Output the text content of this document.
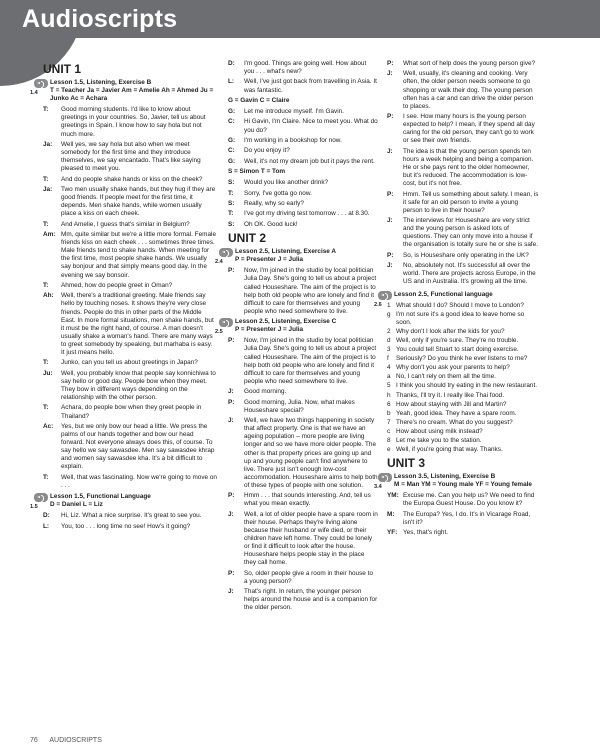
Audioscripts
UNIT 1
1.4
Lesson 1.5, Listening, Exercise B
T = Teacher Ja = Javier Am = Amelie Ah = Ahmed Ju = Junko Ac = Achara
T:	Good morning students. I'd like to know about greetings in your countries. So, Javier, tell us about greetings in Spain. I know how to say hola but not much more.
Ja:	Well yes, we say hola but also when we meet somebody for the first time and they introduce themselves, we say encantado. That's like saying pleased to meet you.
T:	And do people shake hands or kiss on the cheek?
Ja:	Two men usually shake hands, but they hug if they are good friends. If people meet for the first time, it depends. Men shake hands, while women usually place a kiss on each cheek.
T:	And Amelie, I guess that's similar in Belgium?
Am: Mm, quite similar but we're a little more formal. Female friends kiss on each cheek . . . sometimes three times. Male friends tend to shake hands. When meeting for the first time, most people shake hands. We usually say bonjour and that simply means good day. In the evening we say bonsoir.
T:	Ahmed, how do people greet in Oman?
Ah:	Well, there's a traditional greeting. Male friends say hello by touching noses. It shows they're very close friends. People do this in other parts of the Middle East. In more formal situations, men shake hands, but it must be the right hand, of course. A man doesn't usually shake a woman's hand. There are many ways to greet somebody by speaking, but marhaba is easy. It just means hello.
T:	Junko, can you tell us about greetings in Japan?
Ju:	Well, you probably know that people say konnichiwa to say hello or good day. People bow when they meet. They bow in different ways depending on the relationship with the other person.
T:	Achara, do people bow when they greet people in Thailand?
Ac:	Yes, but we only bow our head a little. We press the palms of our hands together and bow our head forward. Not everyone always does this, of course. To say hello we say sawasdee. Men say sawasdee khrap and women say sawasdee kha. It's a bit difficult to explain.
T:	Well, that was fascinating. Now we're going to move on . . .
1.5
Lesson 1.5, Functional Language
D = Daniel L = Liz
D:	Hi, Liz. What a nice surprise. It's great to see you.
L:	You, too . . . long time no see! How's it going?
D:	I'm good. Things are going well. How about you . . . what's new?
L:	Well, I've just got back from travelling in Asia. It was fantastic.
G = Gavin C = Claire
G:	Let me introduce myself. I'm Gavin.
C:	Hi Gavin, I'm Claire. Nice to meet you. What do you do?
G:	I'm working in a bookshop for now.
C:	Do you enjoy it?
G:	Well, it's not my dream job but it pays the rent.
S = Simon T = Tom
S:	Would you like another drink?
T:	Sorry, I've gotta go now.
S:	Really, why so early?
T:	I've got my driving test tomorrow . . . at 8.30.
S:	Oh OK. Good luck!
UNIT 2
2.4
Lesson 2.5, Listening, Exercise A
P = Presenter J = Julia
P:	Now, I'm joined in the studio by local politician Julia Day. She's going to tell us about a project called Houseshare. The aim of the project is to help both old people who are lonely and find it difficult to care for themselves and young people who need somewhere to live.
2.5
Lesson 2.5, Listening, Exercise C
P = Presenter J = Julia
P:	Now, I'm joined in the studio by local politician Julia Day. She's going to tell us about a project called Houseshare. The aim of the project is to help both old people who are lonely and find it difficult to care for themselves and young people who need somewhere to live.
J:	Good morning.
P:	Good morning, Julia. Now, what makes Houseshare special?
J:	Well, we have two things happening in society that affect property. One is that we have an ageing population – more people are living longer and so we have more older people. The other is that property prices are going up and up and young people can't find anywhere to live. There just isn't enough low-cost accommodation. Houseshare aims to help both of these types of people with one solution.
P:	Hmm . . . that sounds interesting. And, tell us what you mean exactly.
J:	Well, a lot of older people have a spare room in their house. Perhaps they're living alone because their husband or wife died, or their children have left home. They could be lonely or find it difficult to look after the house. Houseshare helps people stay in the place they call home.
P:	So, older people give a room in their house to a young person?
J:	That's right. In return, the younger person helps around the house and is a companion for the older person.
P:	What sort of help does the young person give?
J:	Well, usually, it's cleaning and cooking. Very often, the older person needs someone to go shopping or walk their dog. The young person often has a car and can drive the older person to places.
P:	I see. How many hours is the young person expected to help? I mean, if they spend all day caring for the old person, they can't go to work or see their own friends.
J:	The idea is that the young person spends ten hours a week helping and being a companion. He or she pays rent to the older homeowner, but it's reduced. The accommodation is low-cost, but it's not free.
P:	Hmm. Tell us something about safety. I mean, is it safe for an old person to invite a young person to live in their house?
J:	The interviews for Houseshare are very strict and the young person is asked lots of questions. They can only move into a house if the organisation is totally sure he or she is safe.
P:	So, is Houseshare only operating in the UK?
J:	No, absolutely not. It's successful all over the world. There are projects across Europe, in the US and in Australia. It's growing all the time.
2.6
Lesson 2.5, Functional language
1 What should I do? Should I move to London?
g I'm not sure it's a good idea to leave home so soon.
2 Why don't I look after the kids for you?
d Well, only if you're sure. They're no trouble.
3 You could tell Stuart to start doing exercise.
f	Seriously? Do you think he ever listens to me?
4 Why don't you ask your parents to help?
a No, I can't rely on them all the time.
5 I think you should try eating in the new restaurant.
h Thanks, I'll try it. I really like Thai food.
6 How about staying with Jill and Martin?
b Yeah, good idea. They have a spare room.
7 There's no cream. What do you suggest?
c How about using milk instead?
8 Let me take you to the station.
e Well, if you're going that way. Thanks.
UNIT 3
3.4
Lesson 3.5, Listening, Exercise B
M = Man YM = Young male YF = Young female
YM: Excuse me. Can you help us? We need to find the Europa Guest House. Do you know it?
M:	The Europa? Yes, I do. It's in Vicarage Road, isn't it?
YF: Yes, that's right.
76 AUDIOSCRIPTS
